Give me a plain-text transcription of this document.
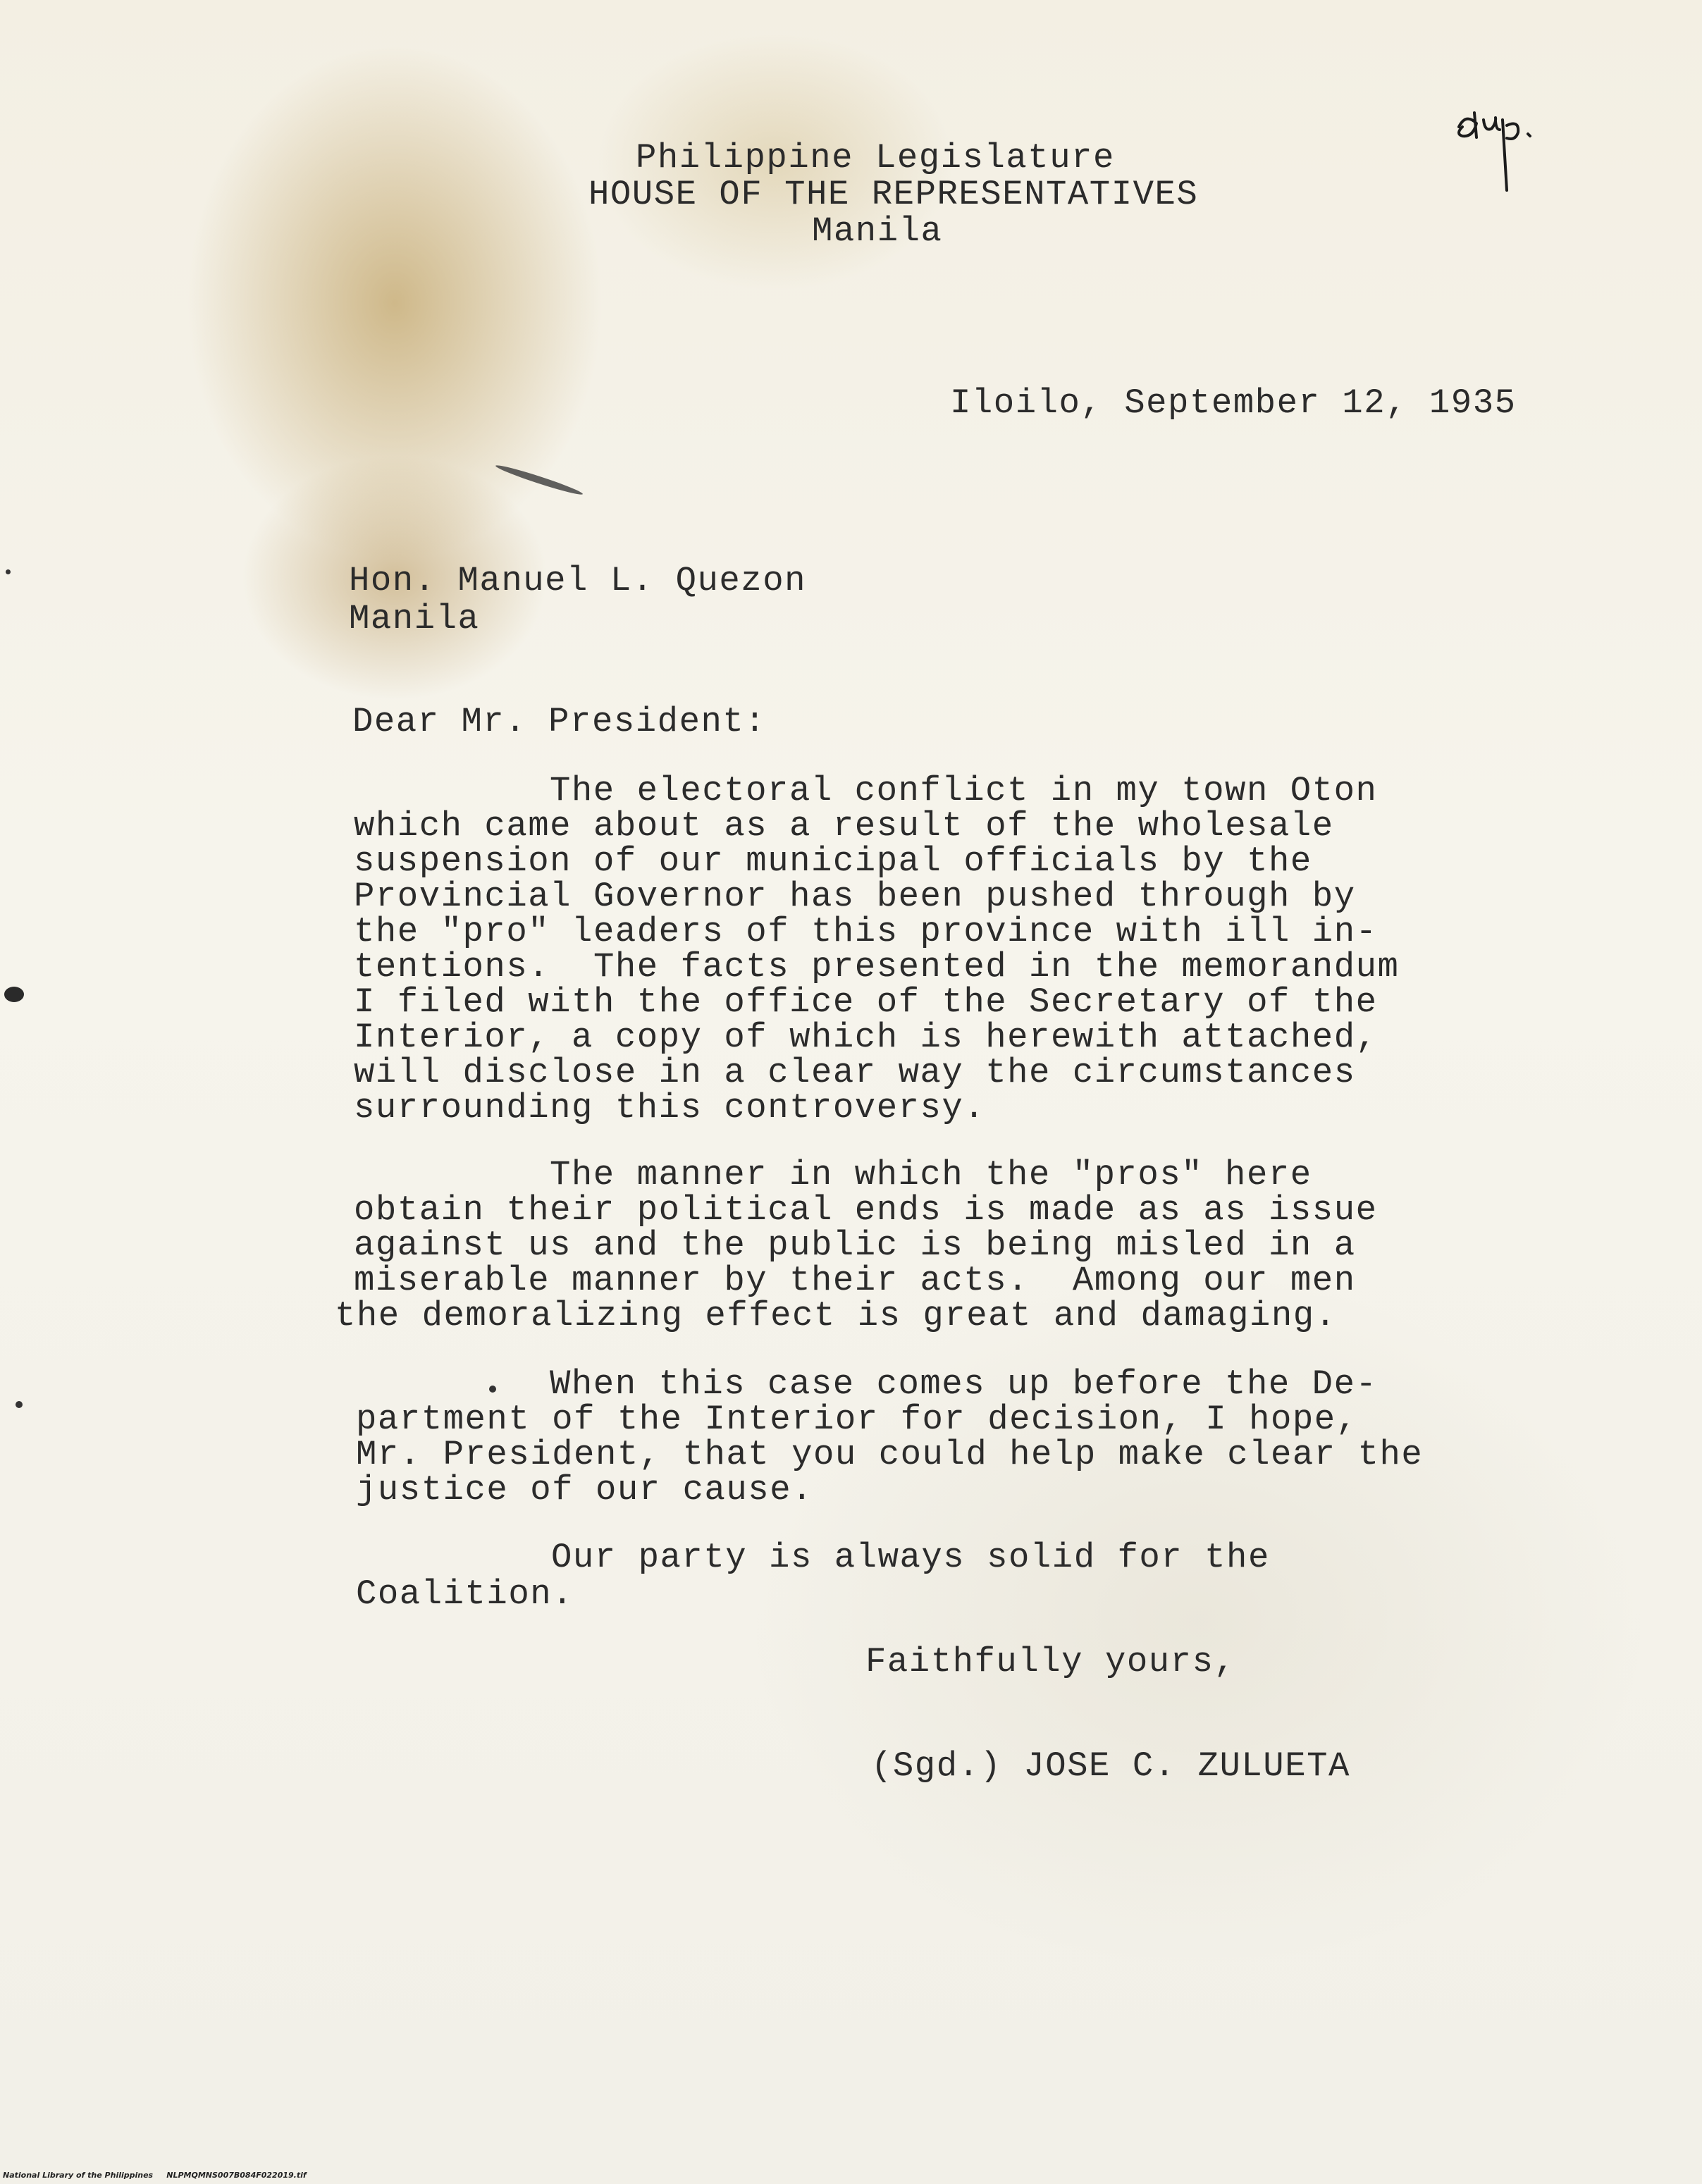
Philippine Legislature
HOUSE OF THE REPRESENTATIVES
Manila
Iloilo, September 12, 1935
Hon. Manuel L. Quezon
Manila
Dear Mr. President:
The electoral conflict in my town Oton
which came about as a result of the wholesale
suspension of our municipal officials by the
Provincial Governor has been pushed through by
the "pro" leaders of this province with ill in-
tentions.  The facts presented in the memorandum
I filed with the office of the Secretary of the
Interior, a copy of which is herewith attached,
will disclose in a clear way the circumstances
surrounding this controversy.
The manner in which the "pros" here
obtain their political ends is made as as issue
against us and the public is being misled in a
miserable manner by their acts.  Among our men
the demoralizing effect is great and damaging.
When this case comes up before the De-
partment of the Interior for decision, I hope,
Mr. President, that you could help make clear the
justice of our cause.
Our party is always solid for the
Coalition.
Faithfully yours,
(Sgd.) JOSE C. ZULUETA
National Library of the Philippines NLPMQMNS007B084F022019.tif
